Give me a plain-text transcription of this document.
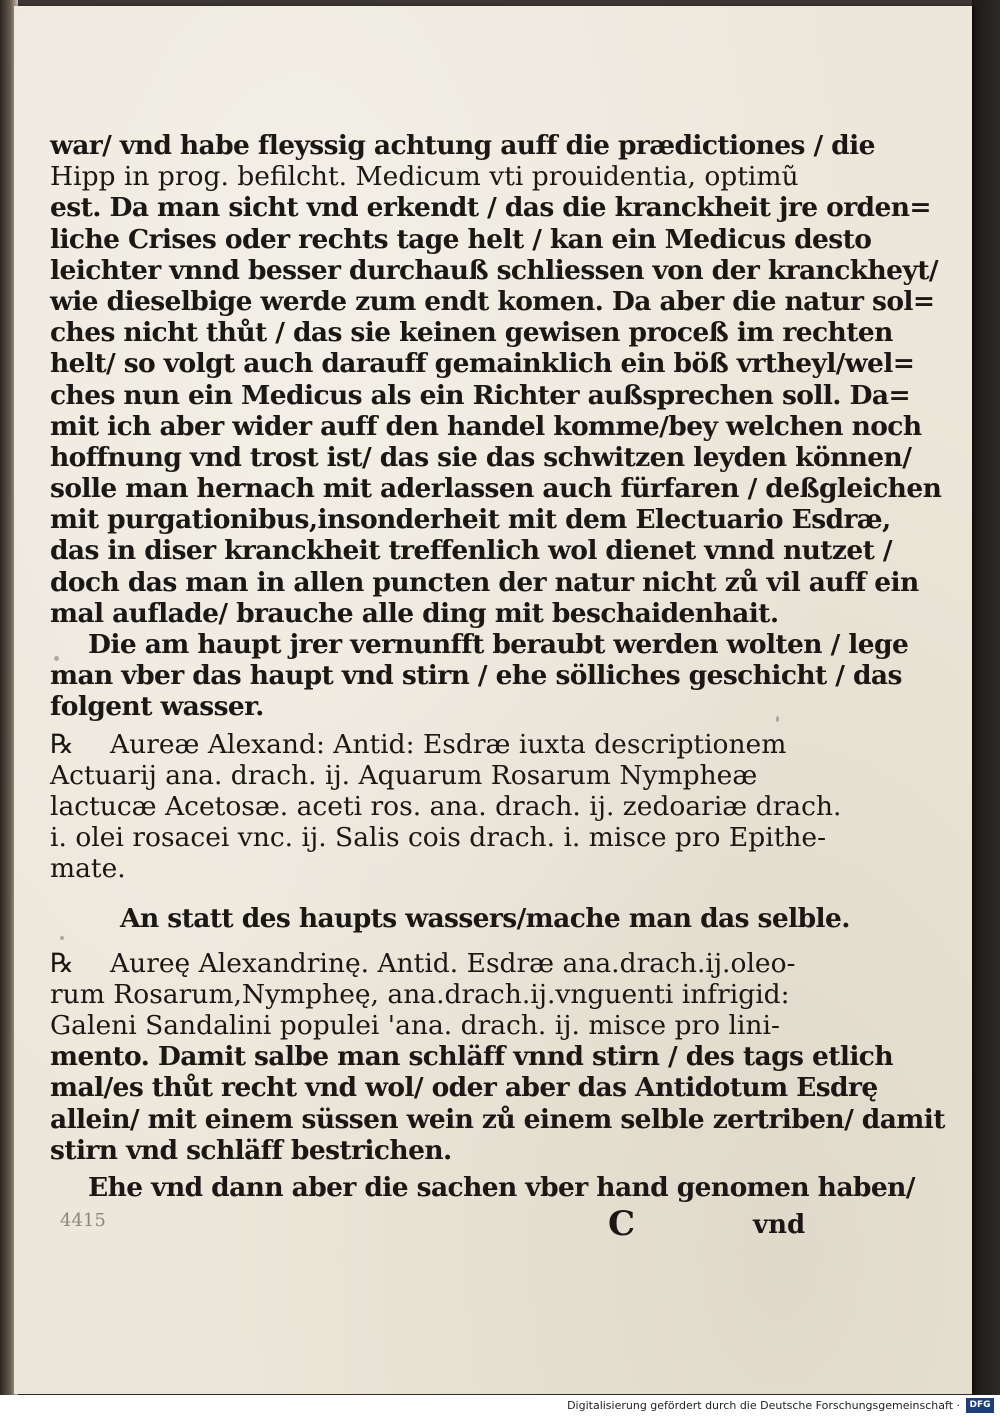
war/ vnd habe fleyssig achtung auff die prædictiones / die
Hipp in prog. befilcht. Medicum vti prouidentia, optimũ
est. Da man sicht vnd erkendt / das die kranckheit jre orden=
liche Crises oder rechts tage helt / kan ein Medicus desto
leichter vnnd besser durchauß schliessen von der kranckheyt/
wie dieselbige werde zum endt komen. Da aber die natur sol=
ches nicht thůt / das sie keinen gewisen proceß im rechten
helt/ so volgt auch darauff gemainklich ein böß vrtheyl/wel=
ches nun ein Medicus als ein Richter außsprechen soll. Da=
mit ich aber wider auff den handel komme/bey welchen noch
hoffnung vnd trost ist/ das sie das schwitzen leyden können/
solle man hernach mit aderlassen auch fürfaren / deßgleichen
mit purgationibus,insonderheit mit dem Electuario Esdræ,
das in diser kranckheit treffenlich wol dienet vnnd nutzet /
doch das man in allen puncten der natur nicht zů vil auff ein
mal auflade/ brauche alle ding mit beschaidenhait.
Die am haupt jrer vernunfft beraubt werden wolten / lege
man vber das haupt vnd stirn / ehe sölliches geschicht / das
folgent wasser.
℞ Aureæ Alexand: Antid: Esdræ iuxta descriptionem
Actuarij ana. drach. ij. Aquarum Rosarum Nympheæ
lactucæ Acetosæ. aceti ros. ana. drach. ij. zedoariæ drach.
i. olei rosacei vnc. ij. Salis cois drach. i. misce pro Epithe-
mate.
An statt des haupts wassers/mache man das selble.
℞ Aureę Alexandrinę. Antid. Esdræ ana.drach.ij.oleo-
rum Rosarum,Nympheę, ana.drach.ij.vnguenti infrigid:
Galeni Sandalini populei 'ana. drach. ij. misce pro lini-
mento. Damit salbe man schläff vnnd stirn / des tags etlich
mal/es thůt recht vnd wol/ oder aber das Antidotum Esdrę
allein/ mit einem süssen wein zů einem selble zertriben/ damit
stirn vnd schläff bestrichen.
Ehe vnd dann aber die sachen vber hand genomen haben/
4415	C	vnd
Digitalisierung gefördert durch die Deutsche Forschungsgemeinschaft ·	DFG
